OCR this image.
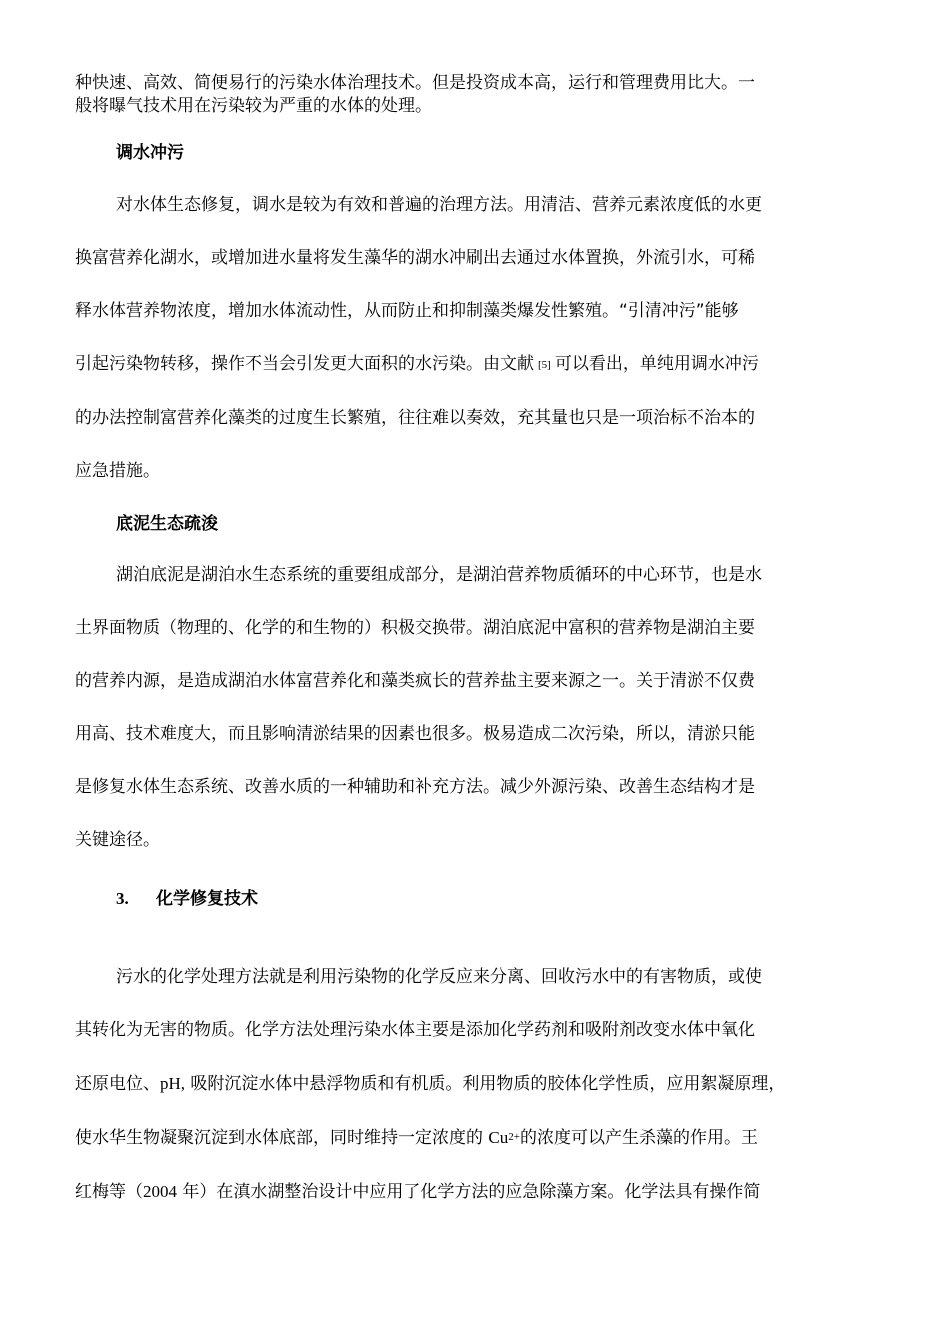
种快速、高效、简便易行的污染水体治理技术。但是投资成本高，运行和管理费用比大。一
般将曝气技术用在污染较为严重的水体的处理。

调水冲污

对水体生态修复，调水是较为有效和普遍的治理方法。用清洁、营养元素浓度低的水更
换富营养化湖水，或增加进水量将发生藻华的湖水冲刷出去通过水体置换，外流引水，可稀
释水体营养物浓度，增加水体流动性，从而防止和抑制藻类爆发性繁殖。“引清冲污”能够
引起污染物转移，操作不当会引发更大面积的水污染。由文献 [5] 可以看出，单纯用调水冲污
的办法控制富营养化藻类的过度生长繁殖，往往难以奏效，充其量也只是一项治标不治本的
应急措施。

底泥生态疏浚

湖泊底泥是湖泊水生态系统的重要组成部分，是湖泊营养物质循环的中心环节，也是水
土界面物质（物理的、化学的和生物的）积极交换带。湖泊底泥中富积的营养物是湖泊主要
的营养内源，是造成湖泊水体富营养化和藻类疯长的营养盐主要来源之一。关于清淤不仅费
用高、技术难度大，而且影响清淤结果的因素也很多。极易造成二次污染，所以，清淤只能
是修复水体生态系统、改善水质的一种辅助和补充方法。减少外源污染、改善生态结构才是
关键途径。

3. 化学修复技术

污水的化学处理方法就是利用污染物的化学反应来分离、回收污水中的有害物质，或使
其转化为无害的物质。化学方法处理污染水体主要是添加化学药剂和吸附剂改变水体中氧化
还原电位、pH, 吸附沉淀水体中悬浮物质和有机质。利用物质的胶体化学性质，应用絮凝原理，
使水华生物凝聚沉淀到水体底部，同时维持一定浓度的 Cu2+的浓度可以产生杀藻的作用。王
红梅等（2004 年）在滇水湖整治设计中应用了化学方法的应急除藻方案。化学法具有操作简
